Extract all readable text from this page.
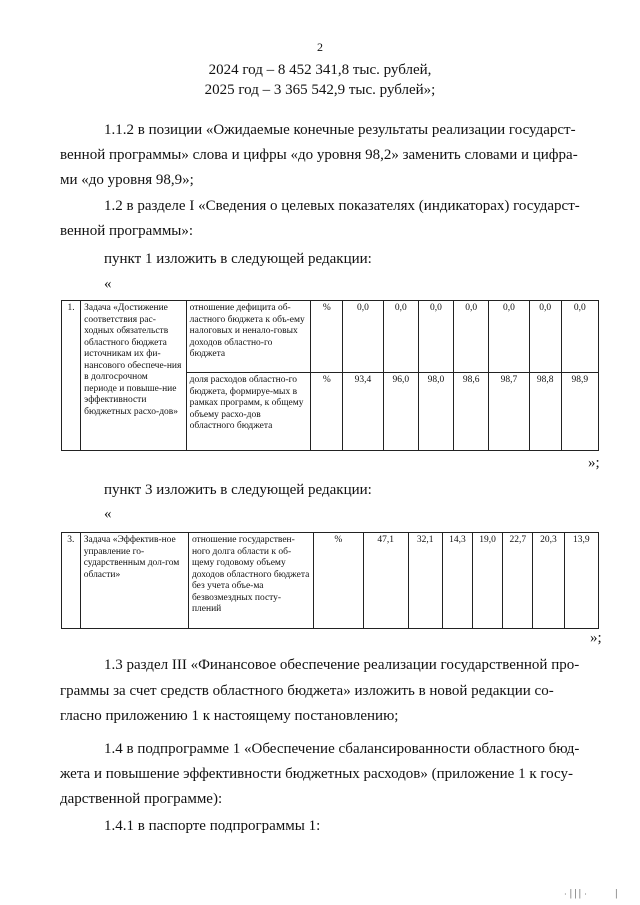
2
2024 год – 8 452 341,8 тыс. рублей,
2025 год – 3 365 542,9 тыс. рублей»;
1.1.2 в позиции «Ожидаемые конечные результаты реализации государст-
венной программы» слова и цифры «до уровня 98,2» заменить словами и цифра-
ми «до уровня 98,9»;
1.2 в разделе I «Сведения о целевых показателях (индикаторах) государст-
венной программы»:
пункт 1 изложить в следующей редакции:
«
1.	Задача «Достижение соответствия рас-ходных обязательств областного бюджета источникам их фи-нансового обеспече-ния в долгосрочном периоде и повыше-ние эффективности бюджетных расхо-дов»	отношение дефицита об-ластного бюджета к объ-ему налоговых и ненало-говых доходов областно-го бюджета	%	0,0	0,0	0,0	0,0	0,0	0,0	0,0
		доля расходов областно-го бюджета, формируе-мых в рамках программ, к общему объему расхо-дов областного бюджета	%	93,4	96,0	98,0	98,6	98,7	98,8	98,9
»;
пункт 3 изложить в следующей редакции:
«
3.	Задача «Эффектив-ное управление го-сударственным дол-гом области»	отношение государствен-ного долга области к об-щему годовому объему доходов областного бюджета без учета объе-ма безвозмездных посту-плений	%	47,1	32,1	14,3	19,0	22,7	20,3	13,9
»;
1.3 раздел III «Финансовое обеспечение реализации государственной про-
граммы за счет средств областного бюджета» изложить в новой редакции со-
гласно приложению 1 к настоящему постановлению;
1.4 в подпрограмме 1 «Обеспечение сбалансированности областного бюд-
жета и повышение эффективности бюджетных расходов» (приложение 1 к госу-
дарственной программе):
1.4.1 в паспорте подпрограммы 1:
· ׀׀׀ ·	׀
